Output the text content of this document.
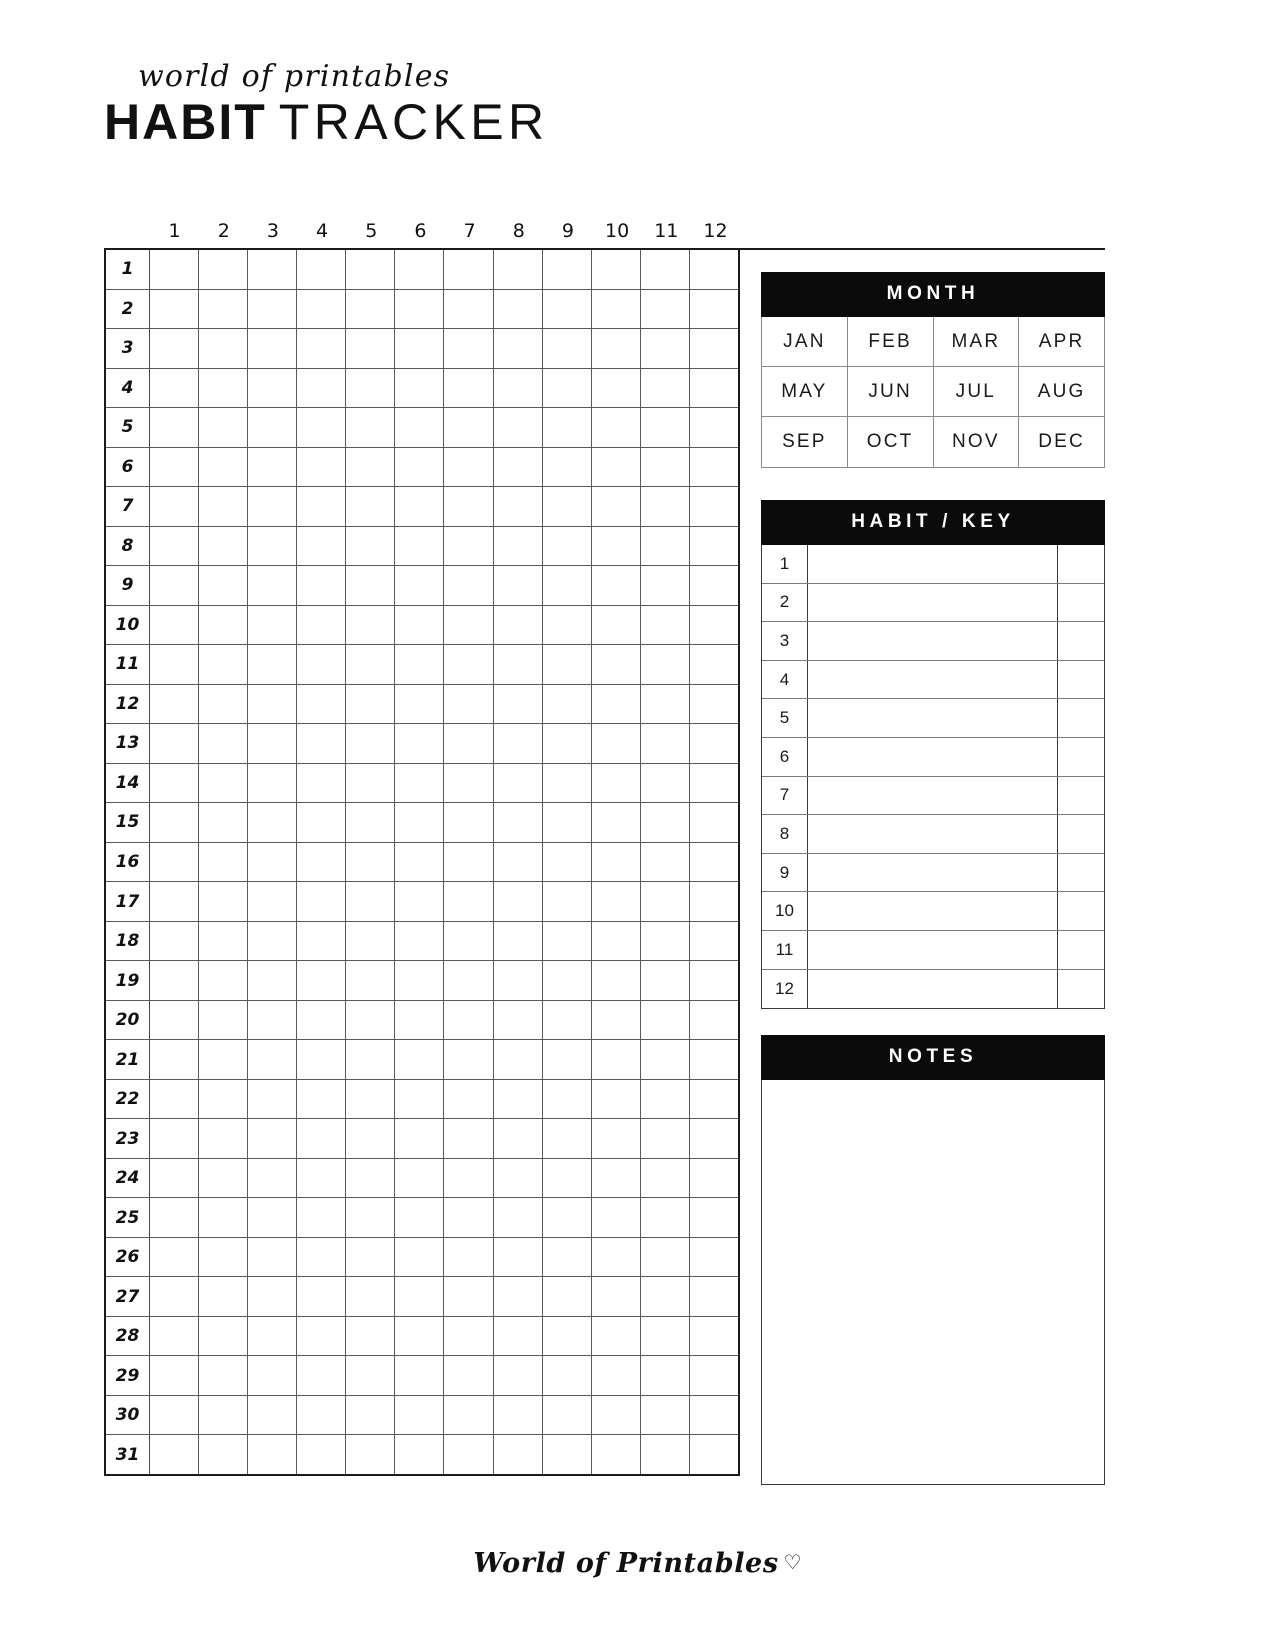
world of printables
HABIT TRACKER
1	2	3	4	5	6	7	8	9	10	11	12
1
2
3
4
5
6
7
8
9
10
11
12
13
14
15
16
17
18
19
20
21
22
23
24
25
26
27
28
29
30
31
MONTH
JAN	FEB	MAR	APR
MAY	JUN	JUL	AUG
SEP	OCT	NOV	DEC
HABIT / KEY
1
2
3
4
5
6
7
8
9
10
11
12
NOTES
World of Printables ♡
